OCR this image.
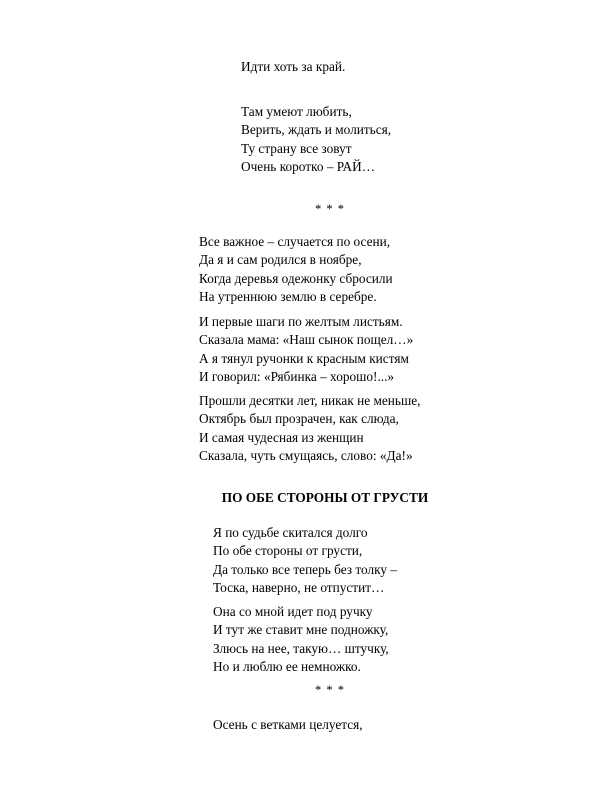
Идти хоть за край.
Там умеют любить,
Верить, ждать и молиться,
Ту страну все зовут
Очень коротко – РАЙ…
* * *
Все важное – случается по осени,
Да я и сам родился в ноябре,
Когда деревья одежонку сбросили
На утреннюю землю в серебре.
И первые шаги по желтым листьям.
Сказала мама: «Наш сынок пощел…»
А я тянул ручонки к красным кистям
И говорил: «Рябинка – хорошо!...»
Прошли десятки лет, никак не меньше,
Октябрь был прозрачен, как слюда,
И самая чудесная из женщин
Сказала, чуть смущаясь, слово: «Да!»
ПО ОБЕ СТОРОНЫ ОТ ГРУСТИ
Я по судьбе скитался долго
По обе стороны от грусти,
Да только все теперь без толку –
Тоска, наверно, не отпустит…
Она со мной идет под ручку
И тут же ставит мне подножку,
Злюсь на нее, такую… штучку,
Но и люблю ее немножко.
* * *
Осень с ветками целуется,
